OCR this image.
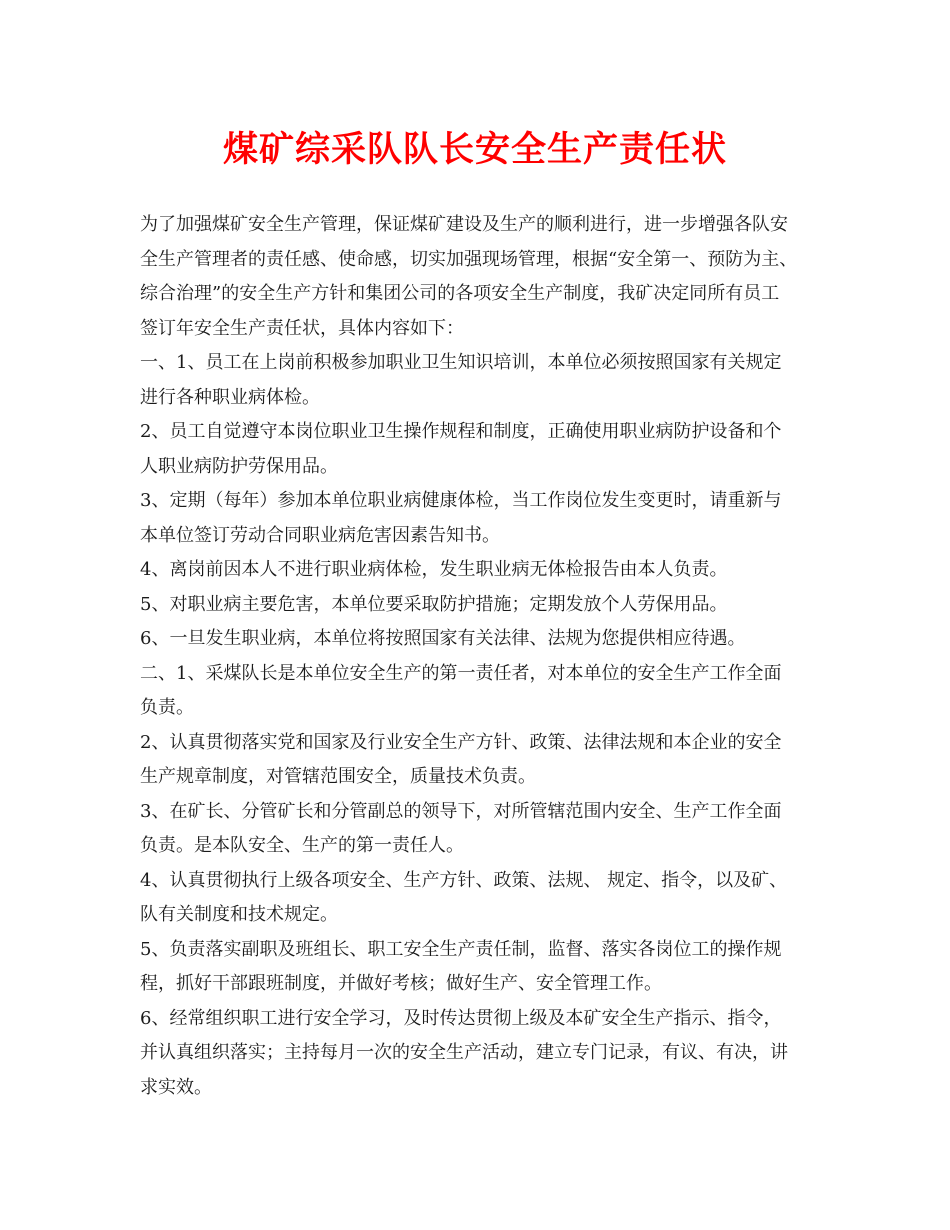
煤矿综采队队长安全生产责任状
为了加强煤矿安全生产管理，保证煤矿建设及生产的顺利进行，进一步增强各队安
全生产管理者的责任感、使命感，切实加强现场管理，根据“安全第一、预防为主、
综合治理”的安全生产方针和集团公司的各项安全生产制度，我矿决定同所有员工
签订年安全生产责任状，具体内容如下：
一、1、员工在上岗前积极参加职业卫生知识培训，本单位必须按照国家有关规定
进行各种职业病体检。
2、员工自觉遵守本岗位职业卫生操作规程和制度，正确使用职业病防护设备和个
人职业病防护劳保用品。
3、定期（每年）参加本单位职业病健康体检，当工作岗位发生变更时，请重新与
本单位签订劳动合同职业病危害因素告知书。
4、离岗前因本人不进行职业病体检，发生职业病无体检报告由本人负责。
5、对职业病主要危害，本单位要采取防护措施；定期发放个人劳保用品。
6、一旦发生职业病，本单位将按照国家有关法律、法规为您提供相应待遇。
二、1、采煤队长是本单位安全生产的第一责任者，对本单位的安全生产工作全面
负责。
2、认真贯彻落实党和国家及行业安全生产方针、政策、法律法规和本企业的安全
生产规章制度，对管辖范围安全，质量技术负责。
3、在矿长、分管矿长和分管副总的领导下，对所管辖范围内安全、生产工作全面
负责。是本队安全、生产的第一责任人。
4、认真贯彻执行上级各项安全、生产方针、政策、法规、 规定、指令，以及矿、
队有关制度和技术规定。
5、负责落实副职及班组长、职工安全生产责任制，监督、落实各岗位工的操作规
程，抓好干部跟班制度，并做好考核；做好生产、安全管理工作。
6、经常组织职工进行安全学习，及时传达贯彻上级及本矿安全生产指示、指令，
并认真组织落实；主持每月一次的安全生产活动，建立专门记录，有议、有决，讲
求实效。
